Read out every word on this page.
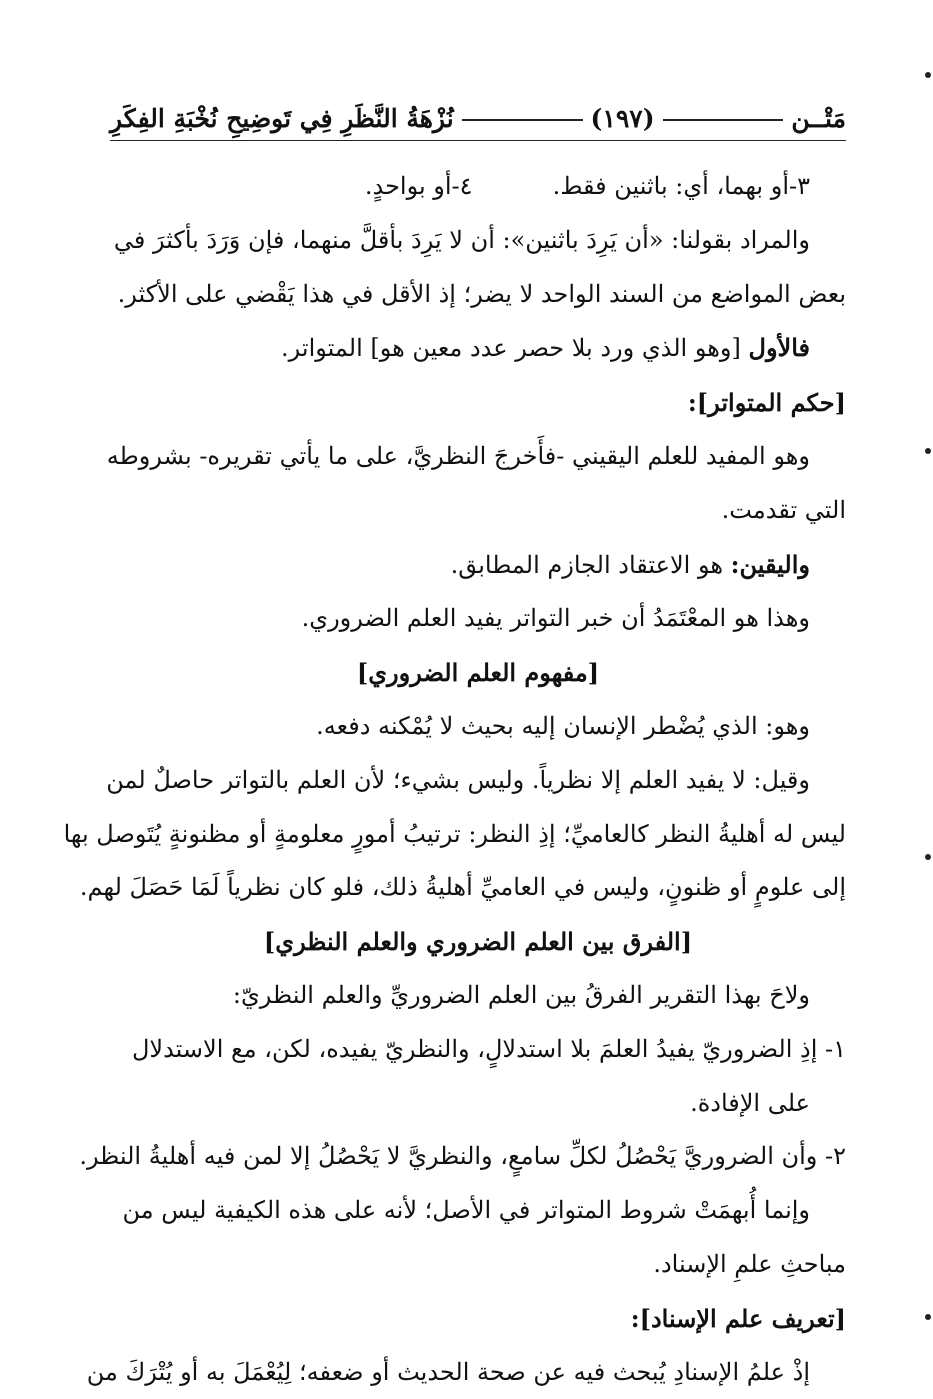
مَتْــن
(١٩٧)
نُزْهَةُ النَّظَرِ فِي تَوضِيحِ نُخْبَةِ الفِكَرِ
٣-أو بهما، أي: باثنين فقط.٤-أو بواحدٍ.
والمراد بقولنا: «أن يَرِدَ باثنين»: أن لا يَرِدَ بأقلَّ منهما، فإن وَرَدَ بأكثرَ في
بعض المواضع من السند الواحد لا يضر؛ إذ الأقل في هذا يَقْضي على الأكثر.
فالأول [وهو الذي ورد بلا حصر عدد معين هو] المتواتر.
[حكم المتواتر]:
وهو المفيد للعلم اليقيني -فأَخرجَ النظريَّ، على ما يأتي تقريره- بشروطه
التي تقدمت.
واليقين: هو الاعتقاد الجازم المطابق.
وهذا هو المعْتَمَدُ أن خبر التواتر يفيد العلم الضروري.
[مفهوم العلم الضروري]
وهو: الذي يُضْطر الإنسان إليه بحيث لا يُمْكنه دفعه.
وقيل: لا يفيد العلم إلا نظرياً. وليس بشيء؛ لأن العلم بالتواتر حاصلٌ لمن
ليس له أهليةُ النظر كالعاميِّ؛ إذِ النظر: ترتيبُ أمورٍ معلومةٍ أو مظنونةٍ يُتَوصل بها
إلى علومٍ أو ظنونٍ، وليس في العاميِّ أهليةُ ذلك، فلو كان نظرياً لَمَا حَصَلَ لهم.
[الفرق بين العلم الضروري والعلم النظري]
ولاحَ بهذا التقرير الفرقُ بين العلم الضروريِّ والعلم النظريّ:
١- إذِ الضروريّ يفيدُ العلمَ بلا استدلالٍ، والنظريّ يفيده، لكن، مع الاستدلال
على الإفادة.
٢- وأن الضروريَّ يَحْصُلُ لكلِّ سامعٍ، والنظريَّ لا يَحْصُلُ إلا لمن فيه أهليةُ النظر.
وإنما أُبهمَتْ شروط المتواتر في الأصل؛ لأنه على هذه الكيفية ليس من
مباحثِ علمِ الإسناد.
[تعريف علم الإسناد]:
إذْ علمُ الإسنادِ يُبحث فيه عن صحة الحديث أو ضعفه؛ لِيُعْمَلَ به أو يُتْرَكَ من
